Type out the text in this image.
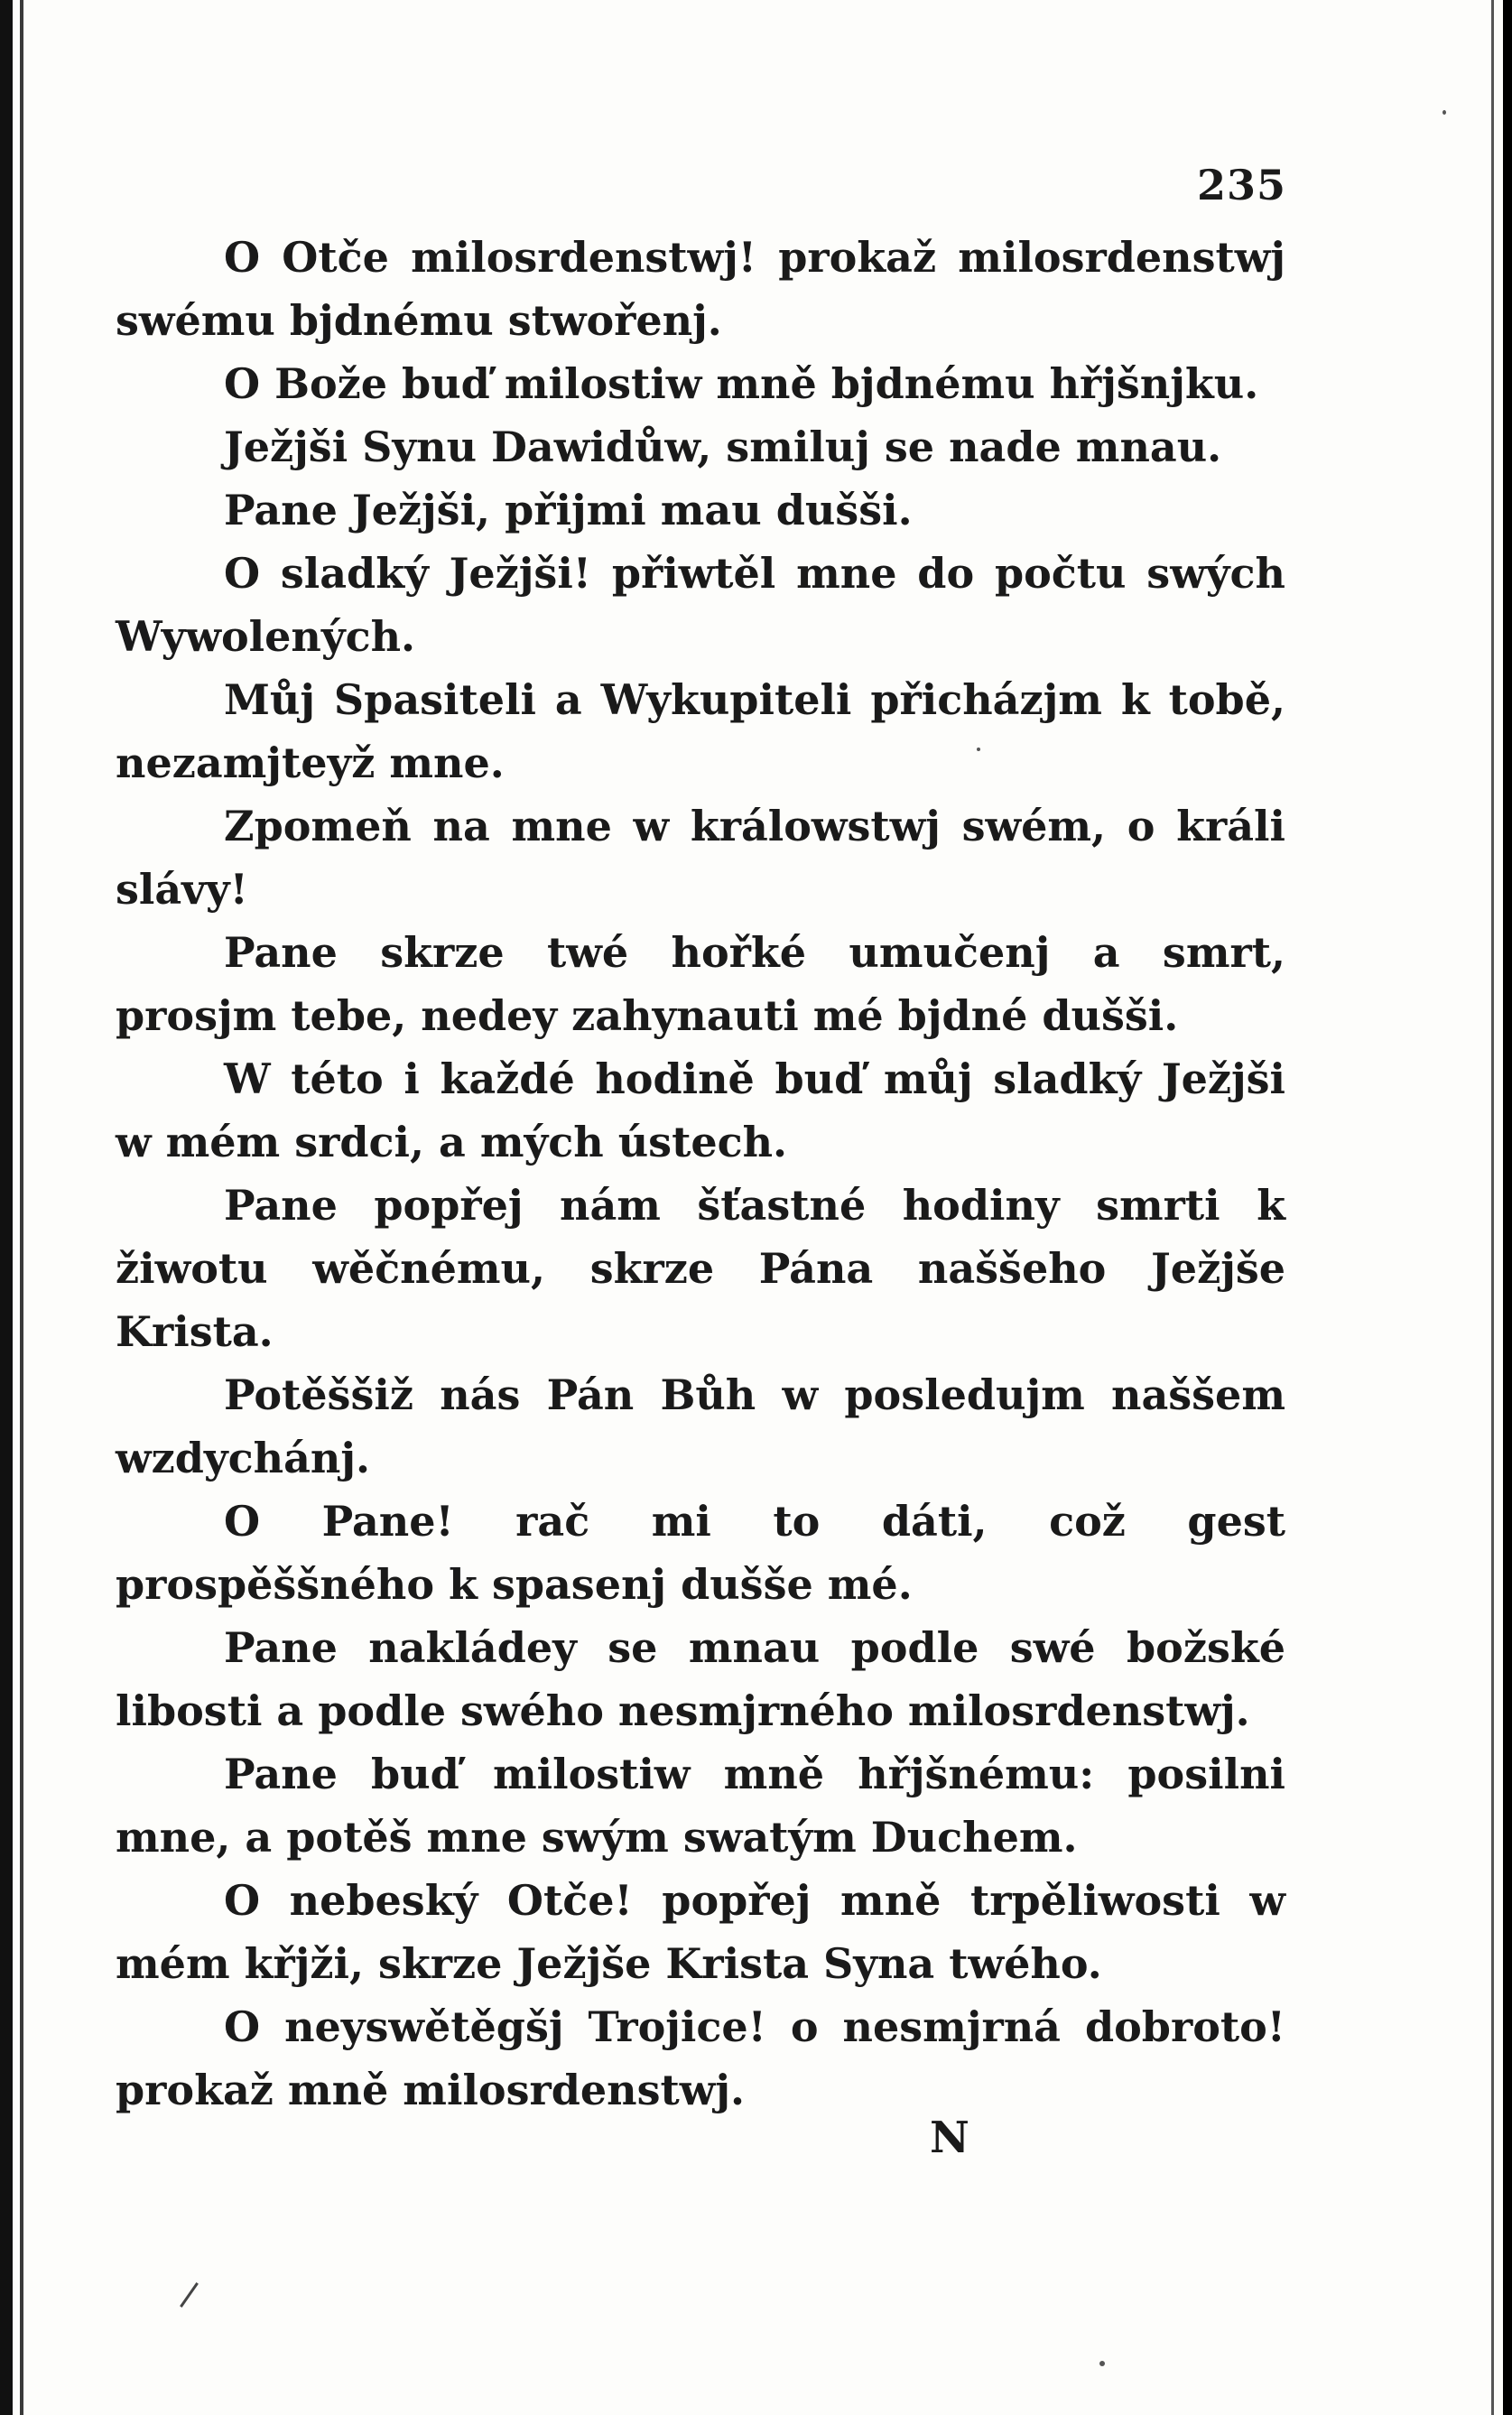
235

O Otče milosrdenstwj! prokaž milosrdenstwj swému bjdnému stwořenj.

O Bože buď milostiw mně bjdnému hřjšnjku.

Ježjši Synu Dawidůw, smiluj se nade mnau.

Pane Ježjši, přijmi mau dušši.

O sladký Ježjši! přiwtěl mne do počtu swých Wywolených.

Můj Spasiteli a Wykupiteli přicházjm k tobě, nezamjteyž mne.

Zpomeň na mne w králowstwj swém, o králi slávy!

Pane skrze twé hořké umučenj a smrt, prosjm tebe, nedey zahynauti mé bjdné dušši.

W této i každé hodině buď můj sladký Ježjši w mém srdci, a mých ústech.

Pane popřej nám šťastné hodiny smrti k žiwotu wěčnému, skrze Pána naššeho Ježjše Krista.

Potěššiž nás Pán Bůh w posledujm naššem wzdychánj.

O Pane! rač mi to dáti, což gest prospěššného k spasenj dušše mé.

Pane nakládey se mnau podle swé božské libosti a podle swého nesmjrného milosrdenstwj.

Pane buď milostiw mně hřjšnému: posilni mne, a potěš mne swým swatým Duchem.

O nebeský Otče! popřej mně trpěliwosti w mém křjži, skrze Ježjše Krista Syna twého.

O neyswětěgšj Trojice! o nesmjrná dobroto! prokaž mně milosrdenstwj.

N
